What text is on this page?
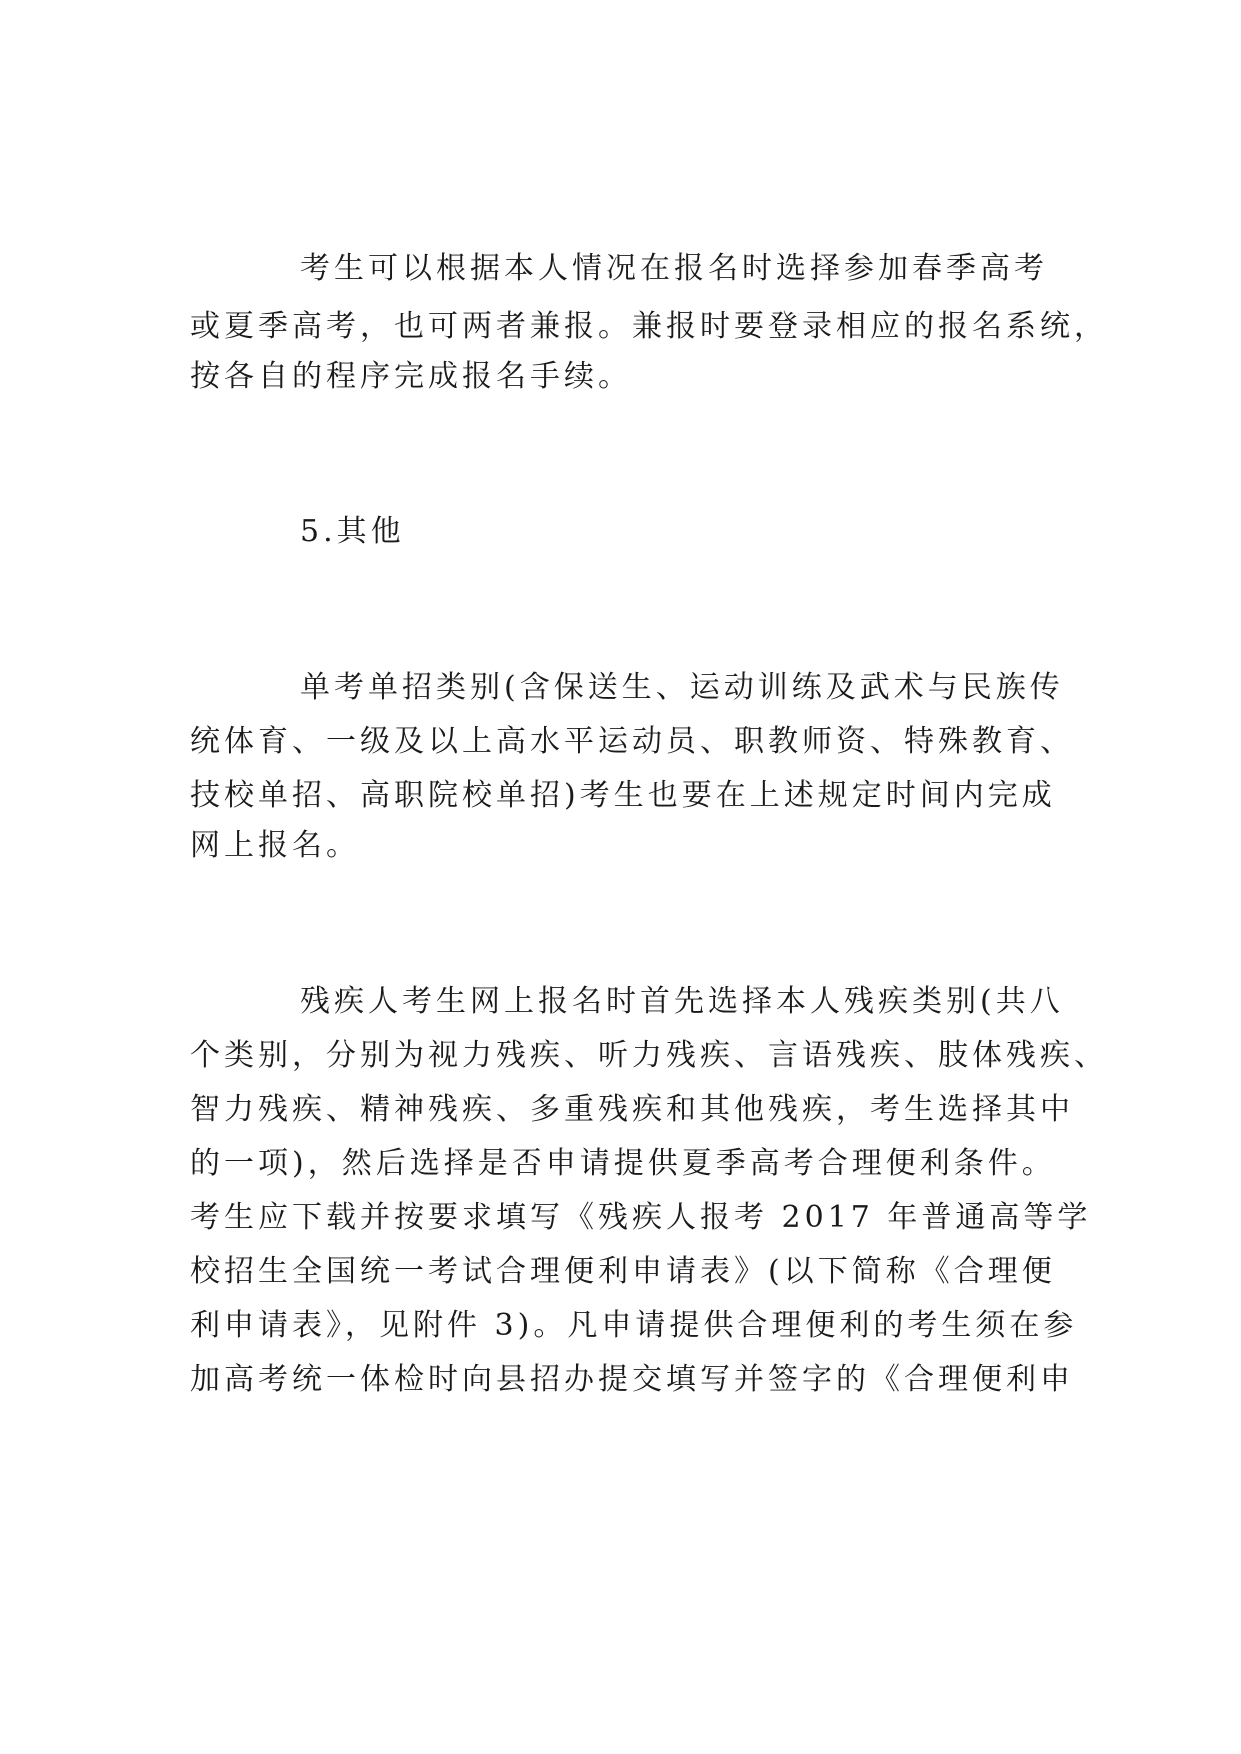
考生可以根据本人情况在报名时选择参加春季高考
或夏季高考，也可两者兼报。兼报时要登录相应的报名系统，
按各自的程序完成报名手续。
5.其他
单考单招类别(含保送生、运动训练及武术与民族传
统体育、一级及以上高水平运动员、职教师资、特殊教育、
技校单招、高职院校单招)考生也要在上述规定时间内完成
网上报名。
残疾人考生网上报名时首先选择本人残疾类别(共八
个类别，分别为视力残疾、听力残疾、言语残疾、肢体残疾、
智力残疾、精神残疾、多重残疾和其他残疾，考生选择其中
的一项)，然后选择是否申请提供夏季高考合理便利条件。
考生应下载并按要求填写《残疾人报考 2017 年普通高等学
校招生全国统一考试合理便利申请表》(以下简称《合理便
利申请表》，见附件 3)。凡申请提供合理便利的考生须在参
加高考统一体检时向县招办提交填写并签字的《合理便利申
